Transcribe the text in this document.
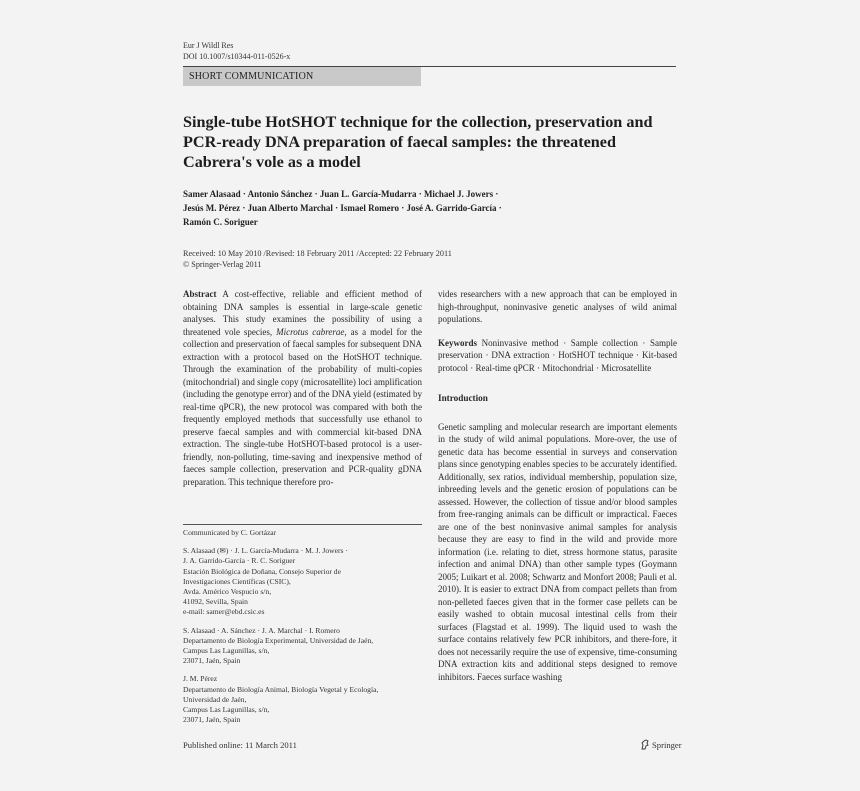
Eur J Wildl Res
DOI 10.1007/s10344-011-0526-x
SHORT COMMUNICATION
Single-tube HotSHOT technique for the collection, preservation and PCR-ready DNA preparation of faecal samples: the threatened Cabrera's vole as a model
Samer Alasaad · Antonio Sánchez · Juan L. García-Mudarra · Michael J. Jowers ·
Jesús M. Pérez · Juan Alberto Marchal · Ismael Romero · José A. Garrido-García ·
Ramón C. Soriguer
Received: 10 May 2010 /Revised: 18 February 2011 /Accepted: 22 February 2011
© Springer-Verlag 2011
Abstract A cost-effective, reliable and efficient method of obtaining DNA samples is essential in large-scale genetic analyses. This study examines the possibility of using a threatened vole species, Microtus cabrerae, as a model for the collection and preservation of faecal samples for subsequent DNA extraction with a protocol based on the HotSHOT technique. Through the examination of the probability of multi-copies (mitochondrial) and single copy (microsatellite) loci amplification (including the genotype error) and of the DNA yield (estimated by real-time qPCR), the new protocol was compared with both the frequently employed methods that successfully use ethanol to preserve faecal samples and with commercial kit-based DNA extraction. The single-tube HotSHOT-based protocol is a user-friendly, non-polluting, time-saving and inexpensive method of faeces sample collection, preservation and PCR-quality gDNA preparation. This technique therefore pro-
Communicated by C. Gortázar
S. Alasaad (✉) · J. L. García-Mudarra · M. J. Jowers ·
J. A. Garrido-García · R. C. Soriguer
Estación Biológica de Doñana, Consejo Superior de
Investigaciones Científicas (CSIC),
Avda. Américo Vespucio s/n,
41092, Sevilla, Spain
e-mail: samer@ebd.csic.es
S. Alasaad · A. Sánchez · J. A. Marchal · I. Romero
Departamento de Biología Experimental, Universidad de Jaén,
Campus Las Lagunillas, s/n,
23071, Jaén, Spain
J. M. Pérez
Departamento de Biología Animal, Biología Vegetal y Ecología,
Universidad de Jaén,
Campus Las Lagunillas, s/n,
23071, Jaén, Spain
vides researchers with a new approach that can be employed in high-throughput, noninvasive genetic analyses of wild animal populations.
Keywords Noninvasive method · Sample collection · Sample preservation · DNA extraction · HotSHOT technique · Kit-based protocol · Real-time qPCR · Mitochondrial · Microsatellite
Introduction
Genetic sampling and molecular research are important elements in the study of wild animal populations. More-over, the use of genetic data has become essential in surveys and conservation plans since genotyping enables species to be accurately identified. Additionally, sex ratios, individual membership, population size, inbreeding levels and the genetic erosion of populations can be assessed. However, the collection of tissue and/or blood samples from free-ranging animals can be difficult or impractical. Faeces are one of the best noninvasive animal samples for analysis because they are easy to find in the wild and provide more information (i.e. relating to diet, stress hormone status, parasite infection and animal DNA) than other sample types (Goymann 2005; Luikart et al. 2008; Schwartz and Monfort 2008; Pauli et al. 2010). It is easier to extract DNA from compact pellets than from non-pelleted faeces given that in the former case pellets can be easily washed to obtain mucosal intestinal cells from their surfaces (Flagstad et al. 1999). The liquid used to wash the surface contains relatively few PCR inhibitors, and there-fore, it does not necessarily require the use of expensive, time-consuming DNA extraction kits and additional steps designed to remove inhibitors. Faeces surface washing
Published online: 11 March 2011	Springer
